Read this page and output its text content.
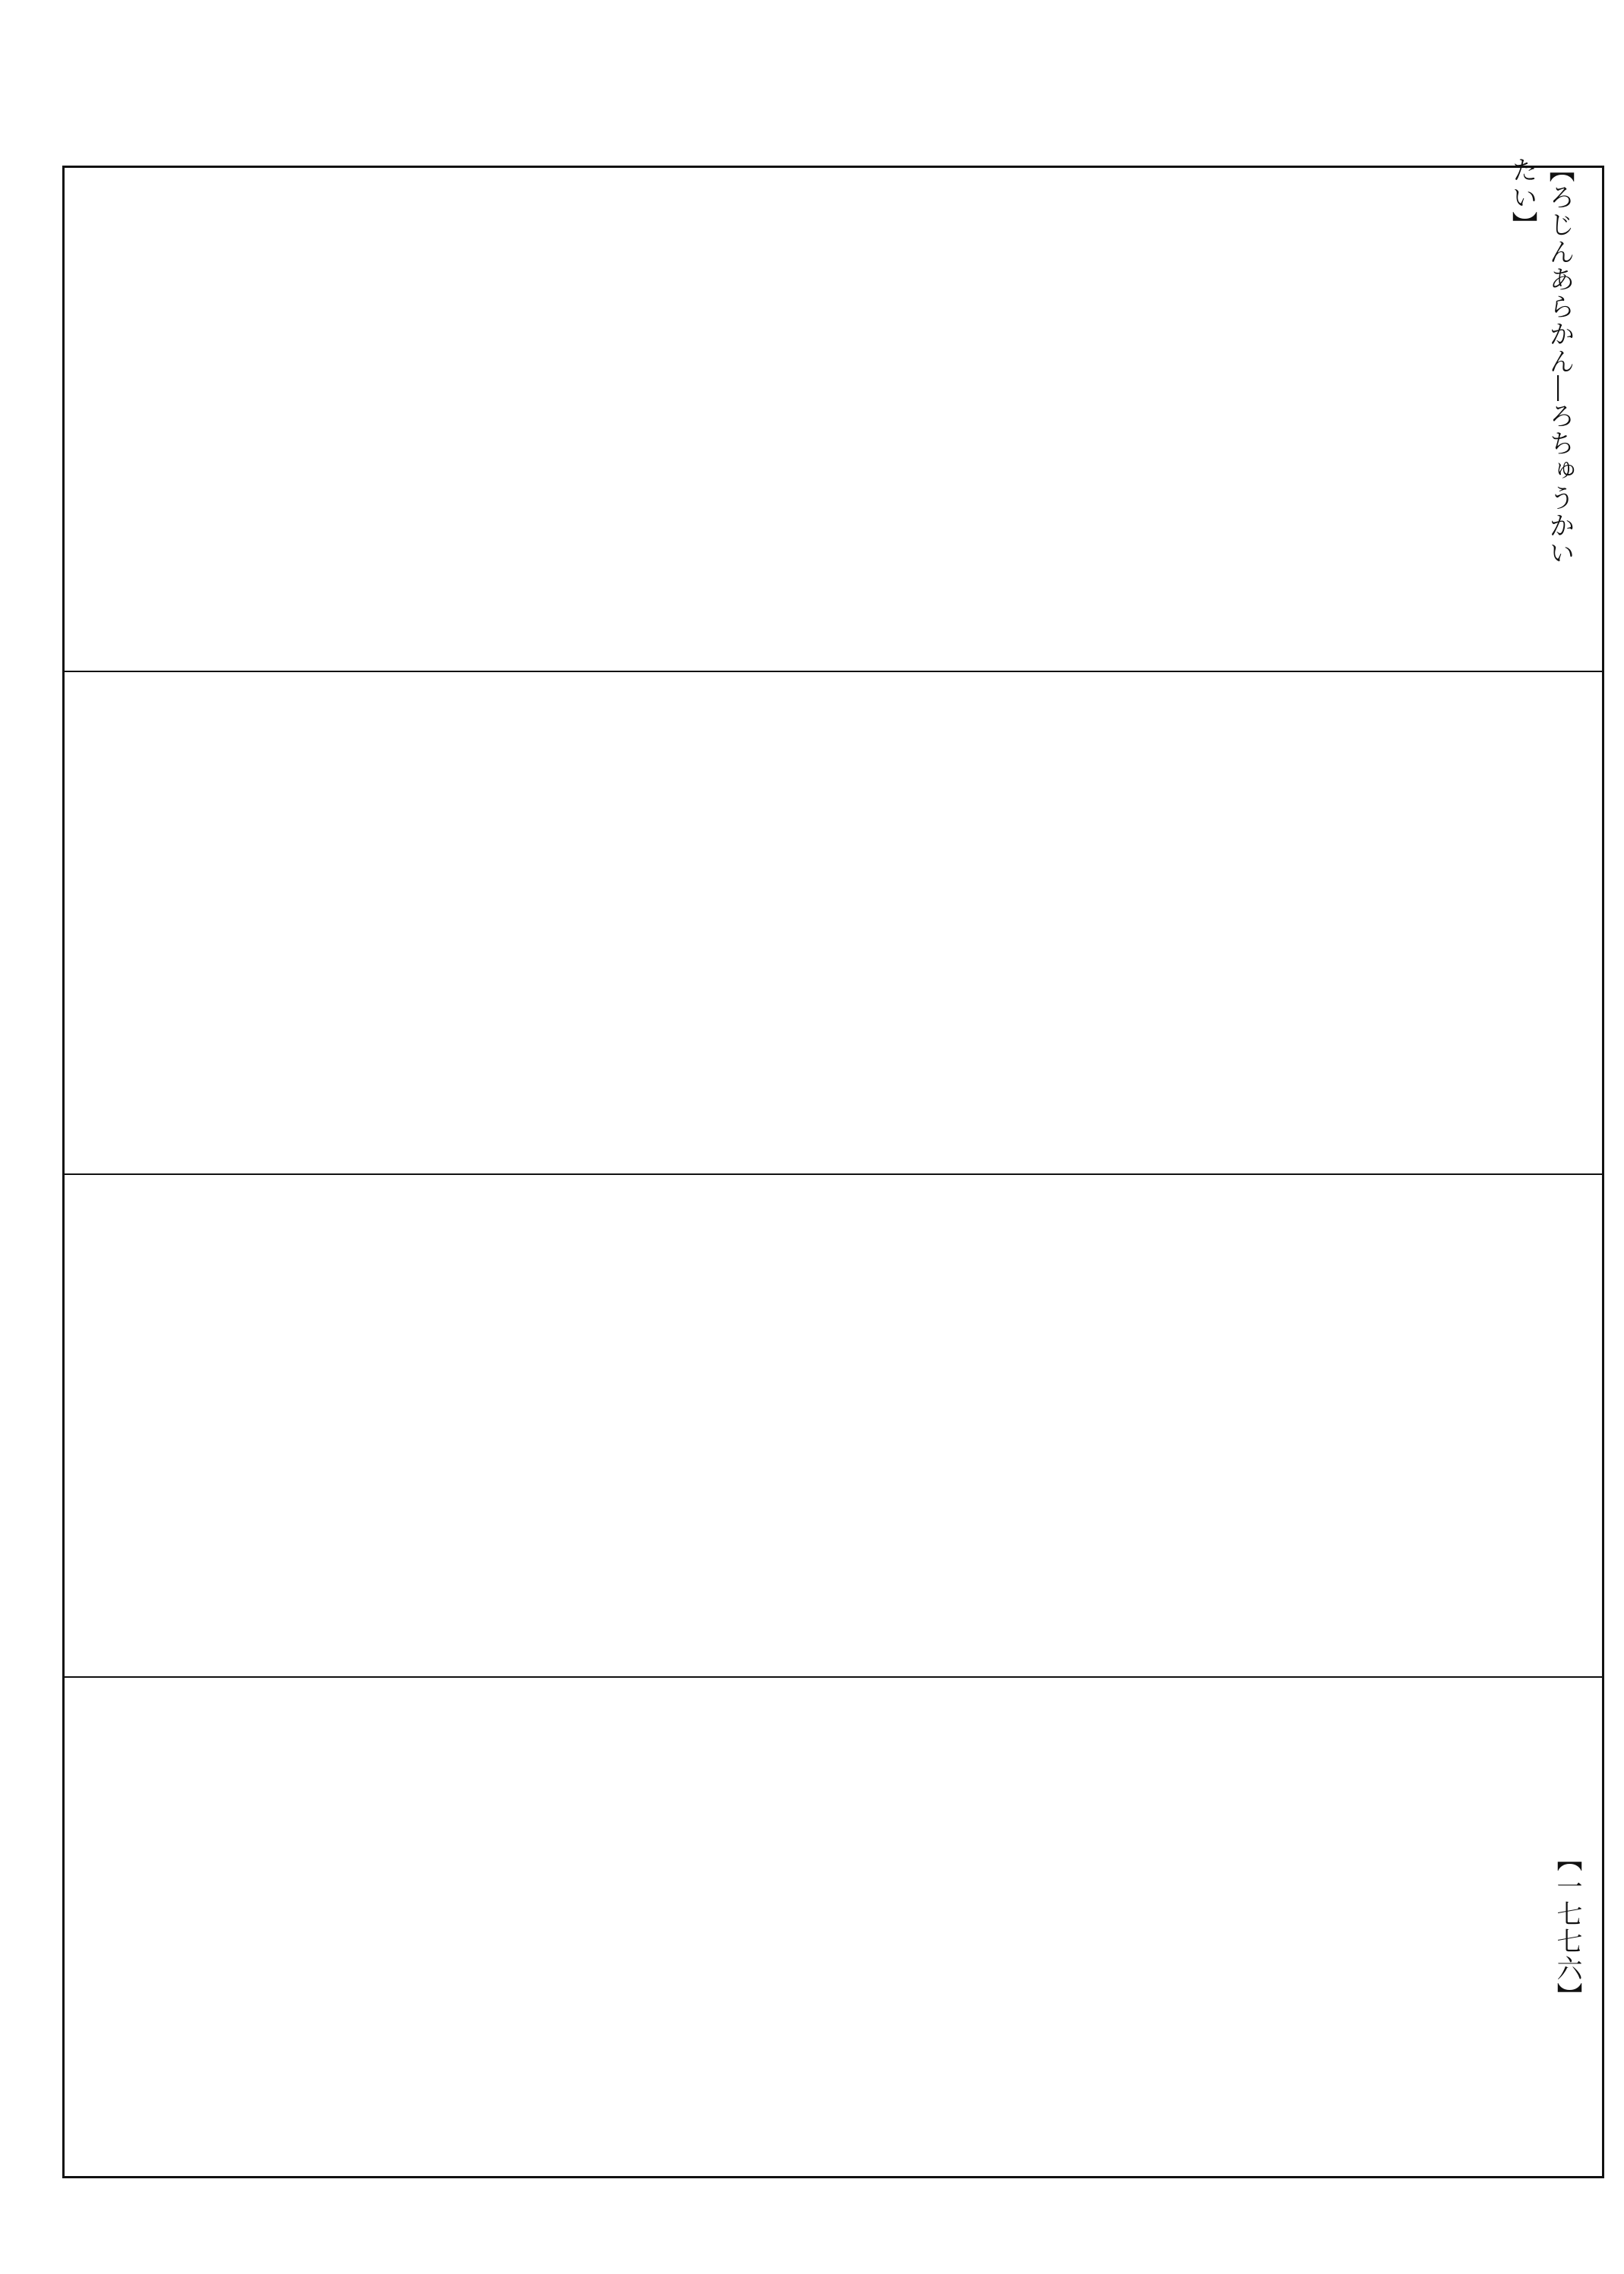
【ろじんあらかん―ろちゅうかいたい】
【一七七六】
